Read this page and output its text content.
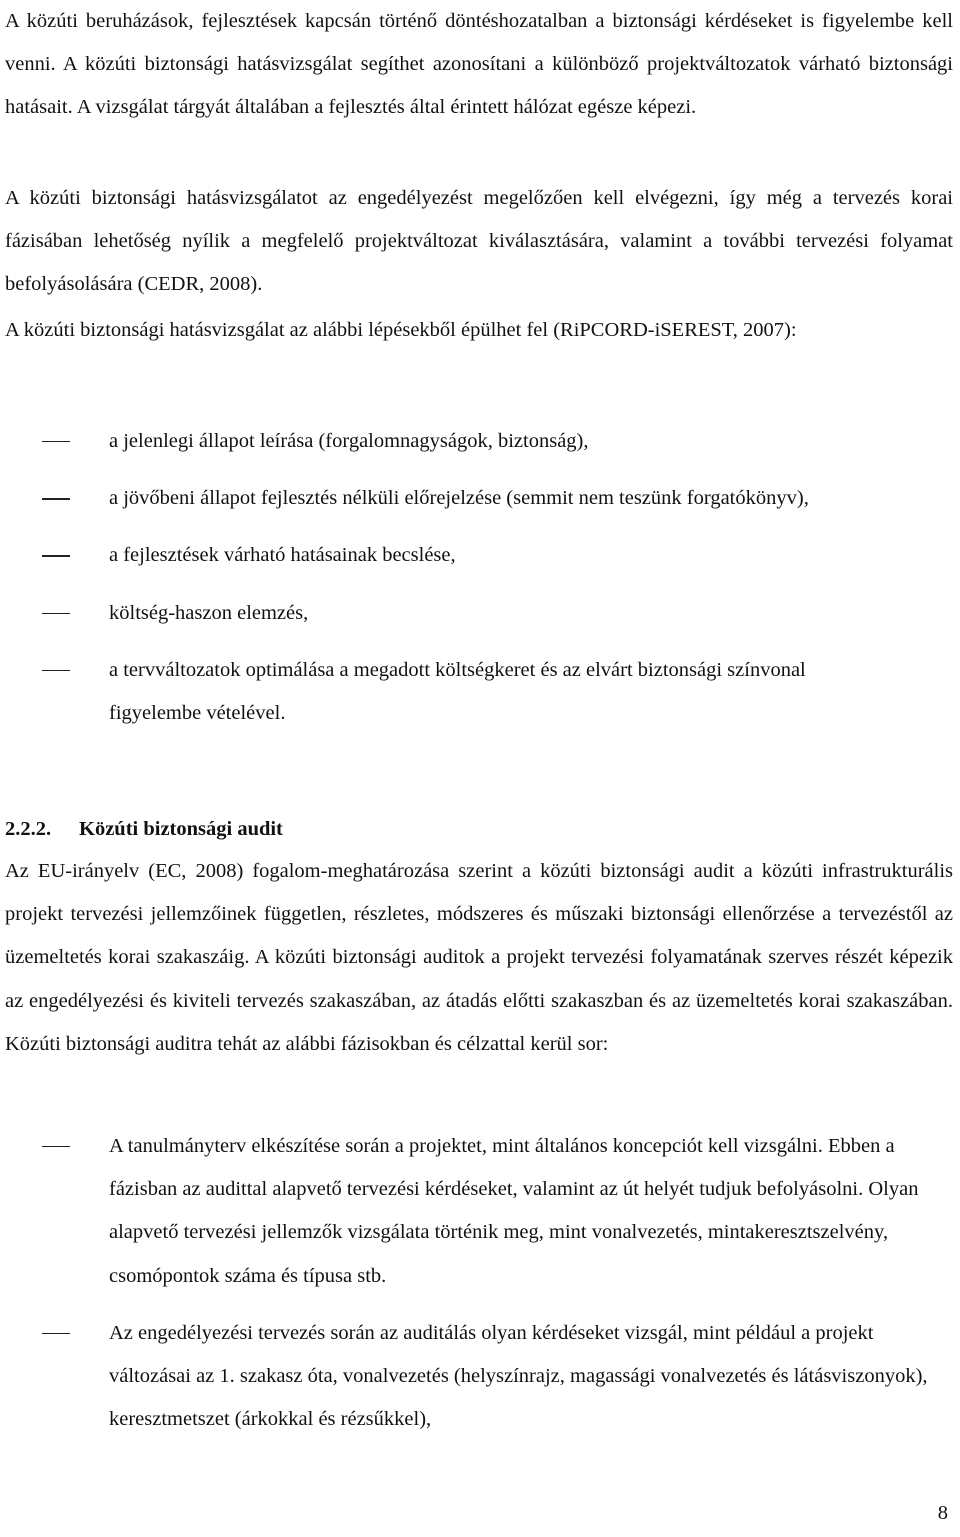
A közúti beruházások, fejlesztések kapcsán történő döntéshozatalban a biztonsági kérdéseket is figyelembe kell venni. A közúti biztonsági hatásvizsgálat segíthet azonosítani a különböző projektváltozatok várható biztonsági hatásait. A vizsgálat tárgyát általában a fejlesztés által érintett hálózat egésze képezi.

A közúti biztonsági hatásvizsgálatot az engedélyezést megelőzően kell elvégezni, így még a tervezés korai fázisában lehetőség nyílik a megfelelő projektváltozat kiválasztására, valamint a további tervezési folyamat befolyásolására (CEDR, 2008).

A közúti biztonsági hatásvizsgálat az alábbi lépésekből épülhet fel (RiPCORD-iSEREST, 2007):

a jelenlegi állapot leírása (forgalomnagyságok, biztonság),
a jövőbeni állapot fejlesztés nélküli előrejelzése (semmit nem teszünk forgatókönyv),
a fejlesztések várható hatásainak becslése,
költség-haszon elemzés,
a tervváltozatok optimálása a megadott költségkeret és az elvárt biztonsági színvonal figyelembe vételével.
2.2.2. Közúti biztonsági audit

Az EU-irányelv (EC, 2008) fogalom-meghatározása szerint a közúti biztonsági audit a közúti infrastrukturális projekt tervezési jellemzőinek független, részletes, módszeres és műszaki biztonsági ellenőrzése a tervezéstől az üzemeltetés korai szakaszáig. A közúti biztonsági auditok a projekt tervezési folyamatának szerves részét képezik az engedélyezési és kiviteli tervezés szakaszában, az átadás előtti szakaszban és az üzemeltetés korai szakaszában. Közúti biztonsági auditra tehát az alábbi fázisokban és célzattal kerül sor:

A tanulmányterv elkészítése során a projektet, mint általános koncepciót kell vizsgálni. Ebben a fázisban az audittal alapvető tervezési kérdéseket, valamint az út helyét tudjuk befolyásolni. Olyan alapvető tervezési jellemzők vizsgálata történik meg, mint vonalvezetés, mintakeresztszelvény, csomópontok száma és típusa stb.
Az engedélyezési tervezés során az auditálás olyan kérdéseket vizsgál, mint például a projekt változásai az 1. szakasz óta, vonalvezetés (helyszínrajz, magassági vonalvezetés és látásviszonyok), keresztmetszet (árkokkal és rézsűkkel),
8
